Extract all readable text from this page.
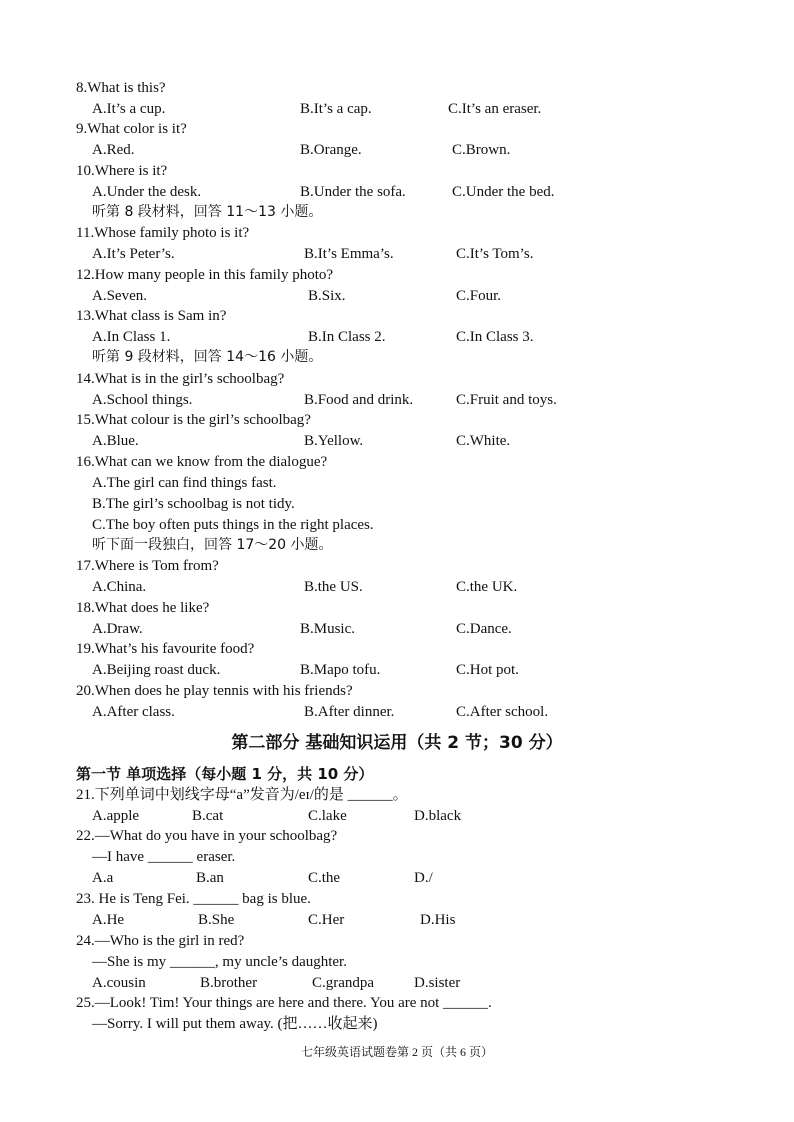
8.What is this?
A.It’s a cup.	B.It’s a cap.	C.It’s an eraser.
9.What color is it?
A.Red.	B.Orange.	C.Brown.
10.Where is it?
A.Under the desk.	B.Under the sofa.	C.Under the bed.
听第 8 段材料，回答 11～13 小题。
11.Whose family photo is it?
A.It’s Peter’s.	B.It’s Emma’s.	C.It’s Tom’s.
12.How many people in this family photo?
A.Seven.	B.Six.	C.Four.
13.What class is Sam in?
A.In Class 1.	B.In Class 2.	C.In Class 3.
听第 9 段材料，回答 14～16 小题。
14.What is in the girl’s schoolbag?
A.School things.	B.Food and drink.	C.Fruit and toys.
15.What colour is the girl’s schoolbag?
A.Blue.	B.Yellow.	C.White.
16.What can we know from the dialogue?
A.The girl can find things fast.
B.The girl’s schoolbag is not tidy.
C.The boy often puts things in the right places.
听下面一段独白，回答 17～20 小题。
17.Where is Tom from?
A.China.	B.the US.	C.the UK.
18.What does he like?
A.Draw.	B.Music.	C.Dance.
19.What’s his favourite food?
A.Beijing roast duck.	B.Mapo tofu.	C.Hot pot.
20.When does he play tennis with his friends?
A.After class.	B.After dinner.	C.After school.
第二部分 基础知识运用（共 2 节；30 分）
第一节 单项选择（每小题 1 分，共 10 分）
21.下列单词中划线字母“a”发音为/eɪ/的是 ______。
A.apple	B.cat	C.lake	D.black
22.—What do you have in your schoolbag?
—I have ______ eraser.
A.a	B.an	C.the	D./
23. He is Teng Fei. ______ bag is blue.
A.He	B.She	C.Her	D.His
24.—Who is the girl in red?
—She is my ______, my uncle’s daughter.
A.cousin	B.brother	C.grandpa	D.sister
25.—Look! Tim! Your things are here and there. You are not ______.
—Sorry. I will put them away. (把……收起来)
七年级英语试题卷第 2 页（共 6 页）
